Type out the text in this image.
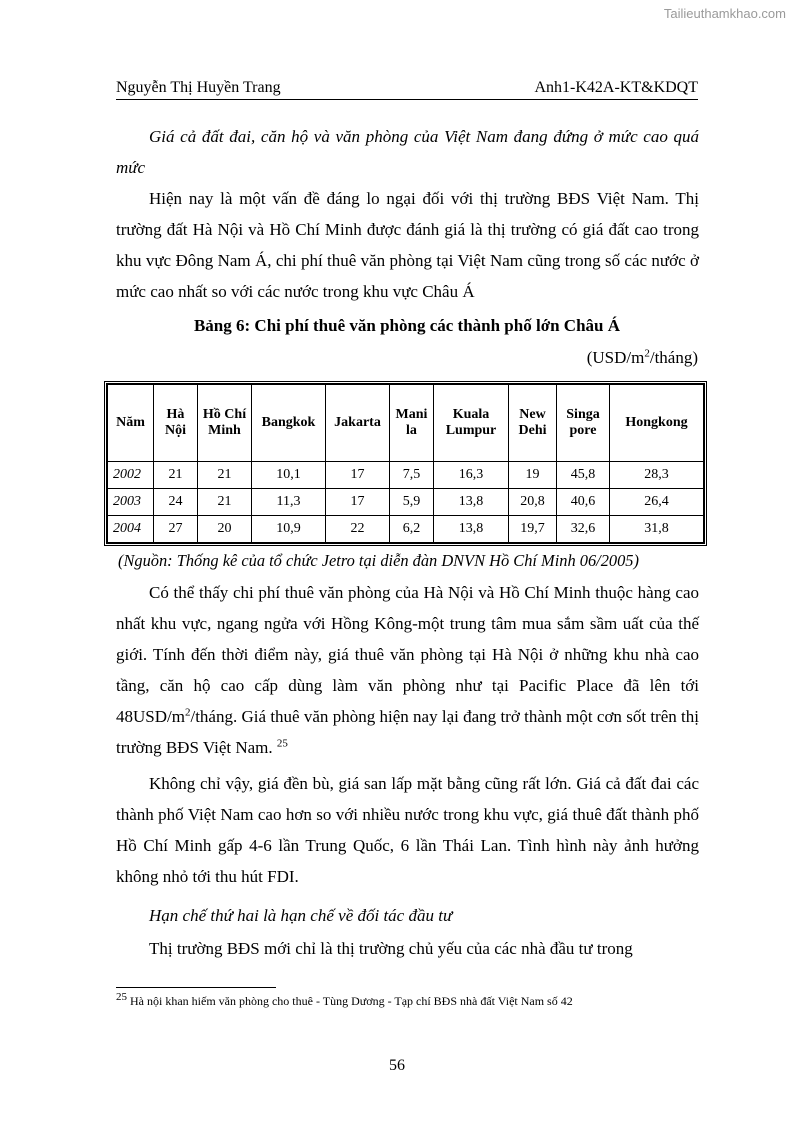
Tailieuthamkhao.com
Nguyễn Thị Huyền Trang	Anh1-K42A-KT&KDQT
Giá cả đất đai, căn hộ và văn phòng của Việt Nam đang đứng ở mức cao quá mức
Hiện nay là một vấn đề đáng lo ngại đối với thị trường BĐS Việt Nam. Thị trường đất Hà Nội và Hồ Chí Minh được đánh giá là thị trường có giá đất cao trong khu vực Đông Nam Á, chi phí thuê văn phòng tại Việt Nam cũng trong số các nước ở mức cao nhất so với các nước trong khu vực Châu Á
Bảng 6: Chi phí thuê văn phòng các thành phố lớn Châu Á
$(USD/m^2/tháng)$
Năm	Hà Nội	Hồ Chí Minh	Bangkok	Jakarta	Mani la	Kuala Lumpur	New Dehi	Singa pore	Hongkong
2002	21	21	10,1	17	7,5	16,3	19	45,8	28,3
2003	24	21	11,3	17	5,9	13,8	20,8	40,6	26,4
2004	27	20	10,9	22	6,2	13,8	19,7	32,6	31,8
(Nguồn: Thống kê của tổ chức Jetro tại diễn đàn DNVN Hồ Chí Minh 06/2005)
Có thể thấy chi phí thuê văn phòng của Hà Nội và Hồ Chí Minh thuộc hàng cao nhất khu vực, ngang ngửa với Hồng Kông-một trung tâm mua sắm sầm uất của thế giới. Tính đến thời điểm này, giá thuê văn phòng tại Hà Nội ở những khu nhà cao tầng, căn hộ cao cấp dùng làm văn phòng như tại Pacific Place đã lên tới $48USD/m^2$/tháng. Giá thuê văn phòng hiện nay lại đang trở thành một cơn sốt trên thị trường BĐS Việt Nam. $^{25}$
Không chỉ vậy, giá đền bù, giá san lấp mặt bằng cũng rất lớn. Giá cả đất đai các thành phố Việt Nam cao hơn so với nhiều nước trong khu vực, giá thuê đất thành phố Hồ Chí Minh gấp 4-6 lần Trung Quốc, 6 lần Thái Lan. Tình hình này ảnh hưởng không nhỏ tới thu hút FDI.
Hạn chế thứ hai là hạn chế về đối tác đầu tư
Thị trường BĐS mới chỉ là thị trường chủ yếu của các nhà đầu tư trong
25 Hà nội khan hiếm văn phòng cho thuê - Tùng Dương - Tạp chí BĐS nhà đất Việt Nam số 42
56
